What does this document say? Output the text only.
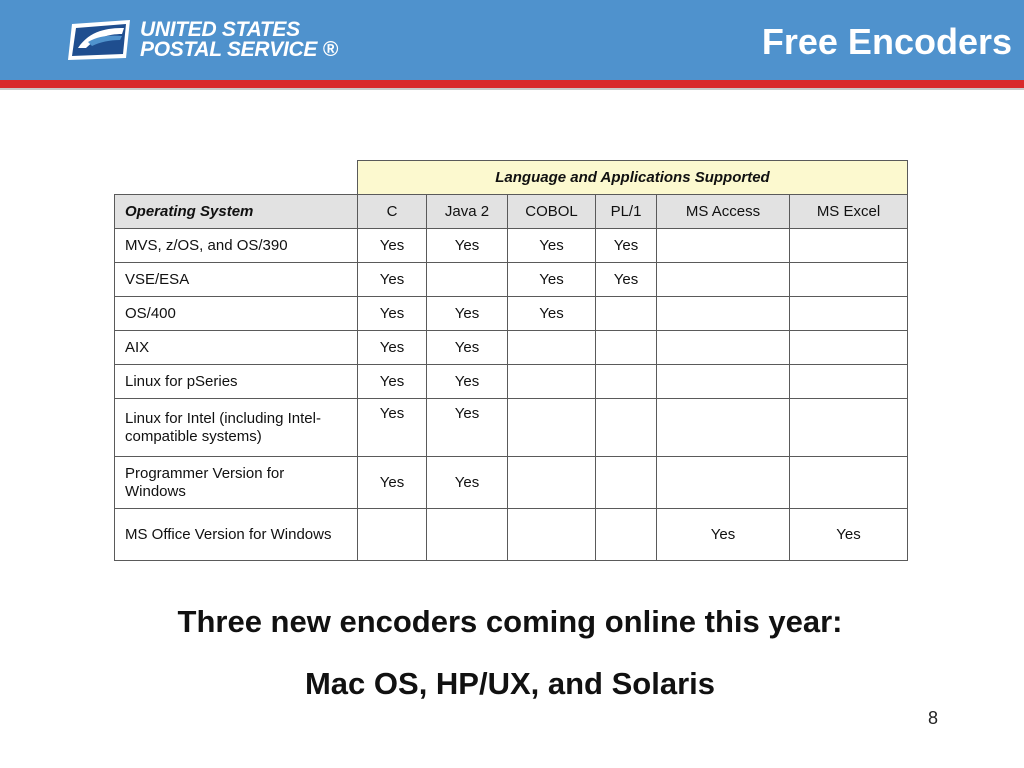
UNITED STATES
POSTAL SERVICE ®	Free Encoders
	Language and Applications Supported					
Operating System	C	Java 2	COBOL	PL/1	MS Access	MS Excel
MVS, z/OS, and OS/390	Yes	Yes	Yes	Yes		
VSE/ESA	Yes		Yes	Yes		
OS/400	Yes	Yes	Yes			
AIX	Yes	Yes				
Linux for pSeries	Yes	Yes				
Linux for Intel (including Intel-compatible systems)	Yes	Yes				
Programmer Version for Windows	Yes	Yes				
MS Office Version for Windows					Yes	Yes
Three new encoders coming online this year:
Mac OS, HP/UX, and Solaris
8
